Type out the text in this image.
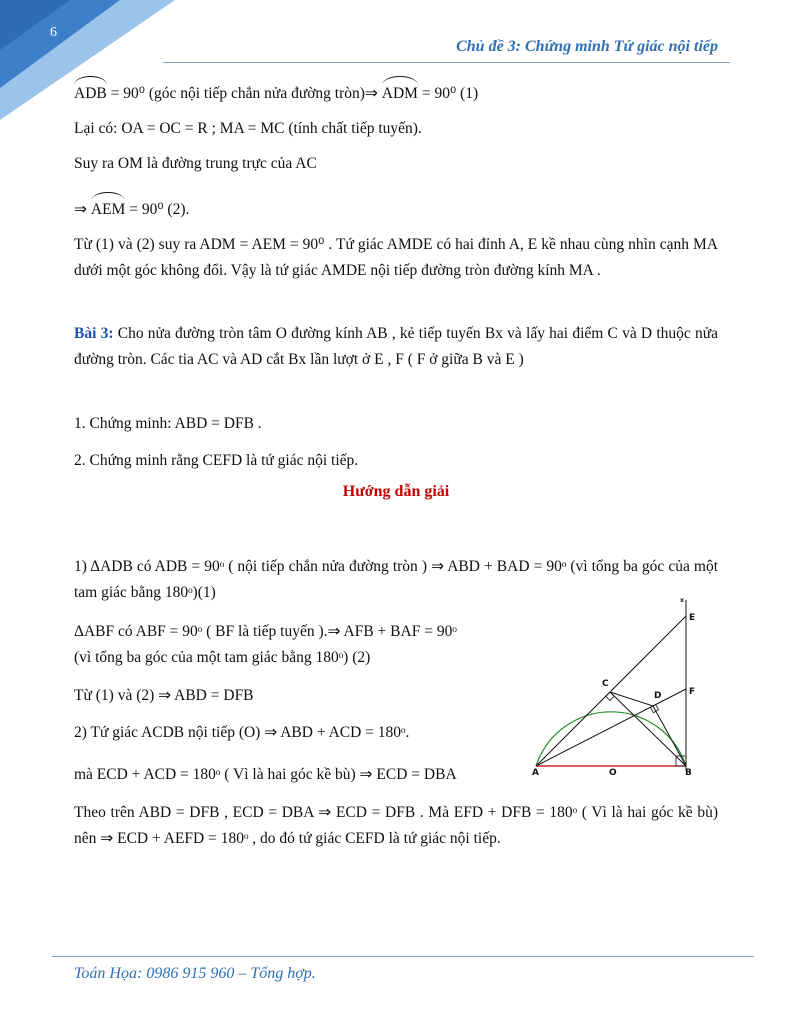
6
Chủ đề 3: Chứng minh Tứ giác nội tiếp
ADB = 90⁰ (góc nội tiếp chắn nửa đường tròn)⇒ ADM = 90⁰ (1)
Lại có: OA = OC = R ; MA = MC (tính chất tiếp tuyến).
Suy ra OM là đường trung trực của AC
⇒ AEM = 90⁰ (2).
Từ (1) và (2) suy ra ADM = AEM = 90⁰ . Tứ giác AMDE có hai đỉnh A, E kề nhau cùng nhìn cạnh MA dưới một góc không đổi. Vậy là tứ giác AMDE nội tiếp đường tròn đường kính MA .
Bài 3: Cho nửa đường tròn tâm O đường kính AB , kẻ tiếp tuyến Bx và lấy hai điểm C và D thuộc nửa đường tròn. Các tia AC và AD cắt Bx lần lượt ở E , F ( F ở giữa B và E )
1. Chứng minh: ABD = DFB .
2. Chứng minh rằng CEFD là tứ giác nội tiếp.
Hướng dẫn giải
1) ΔADB có ADB = 90ᵒ ( nội tiếp chắn nửa đường tròn ) ⇒ ABD + BAD = 90ᵒ (vì tổng ba góc của một tam giác bằng 180ᵒ)(1)
ΔABF có ABF = 90ᵒ ( BF là tiếp tuyến ).⇒ AFB + BAF = 90ᵒ
(vì tổng ba góc của một tam giác bằng 180ᵒ) (2)
Từ (1) và (2) ⇒ ABD = DFB
2) Tứ giác ACDB nội tiếp (O) ⇒ ABD + ACD = 180ᵒ.
mà ECD + ACD = 180ᵒ ( Vì là hai góc kề bù) ⇒ ECD = DBA
Theo trên ABD = DFB , ECD = DBA ⇒ ECD = DFB . Mà EFD + DFB = 180ᵒ ( Vì là hai góc kề bù) nên ⇒ ECD + AEFD = 180ᵒ , do đó tứ giác CEFD là tứ giác nội tiếp.
x
E
C
D	F
A	O	B
Toán Họa: 0986 915 960 – Tổng hợp.
